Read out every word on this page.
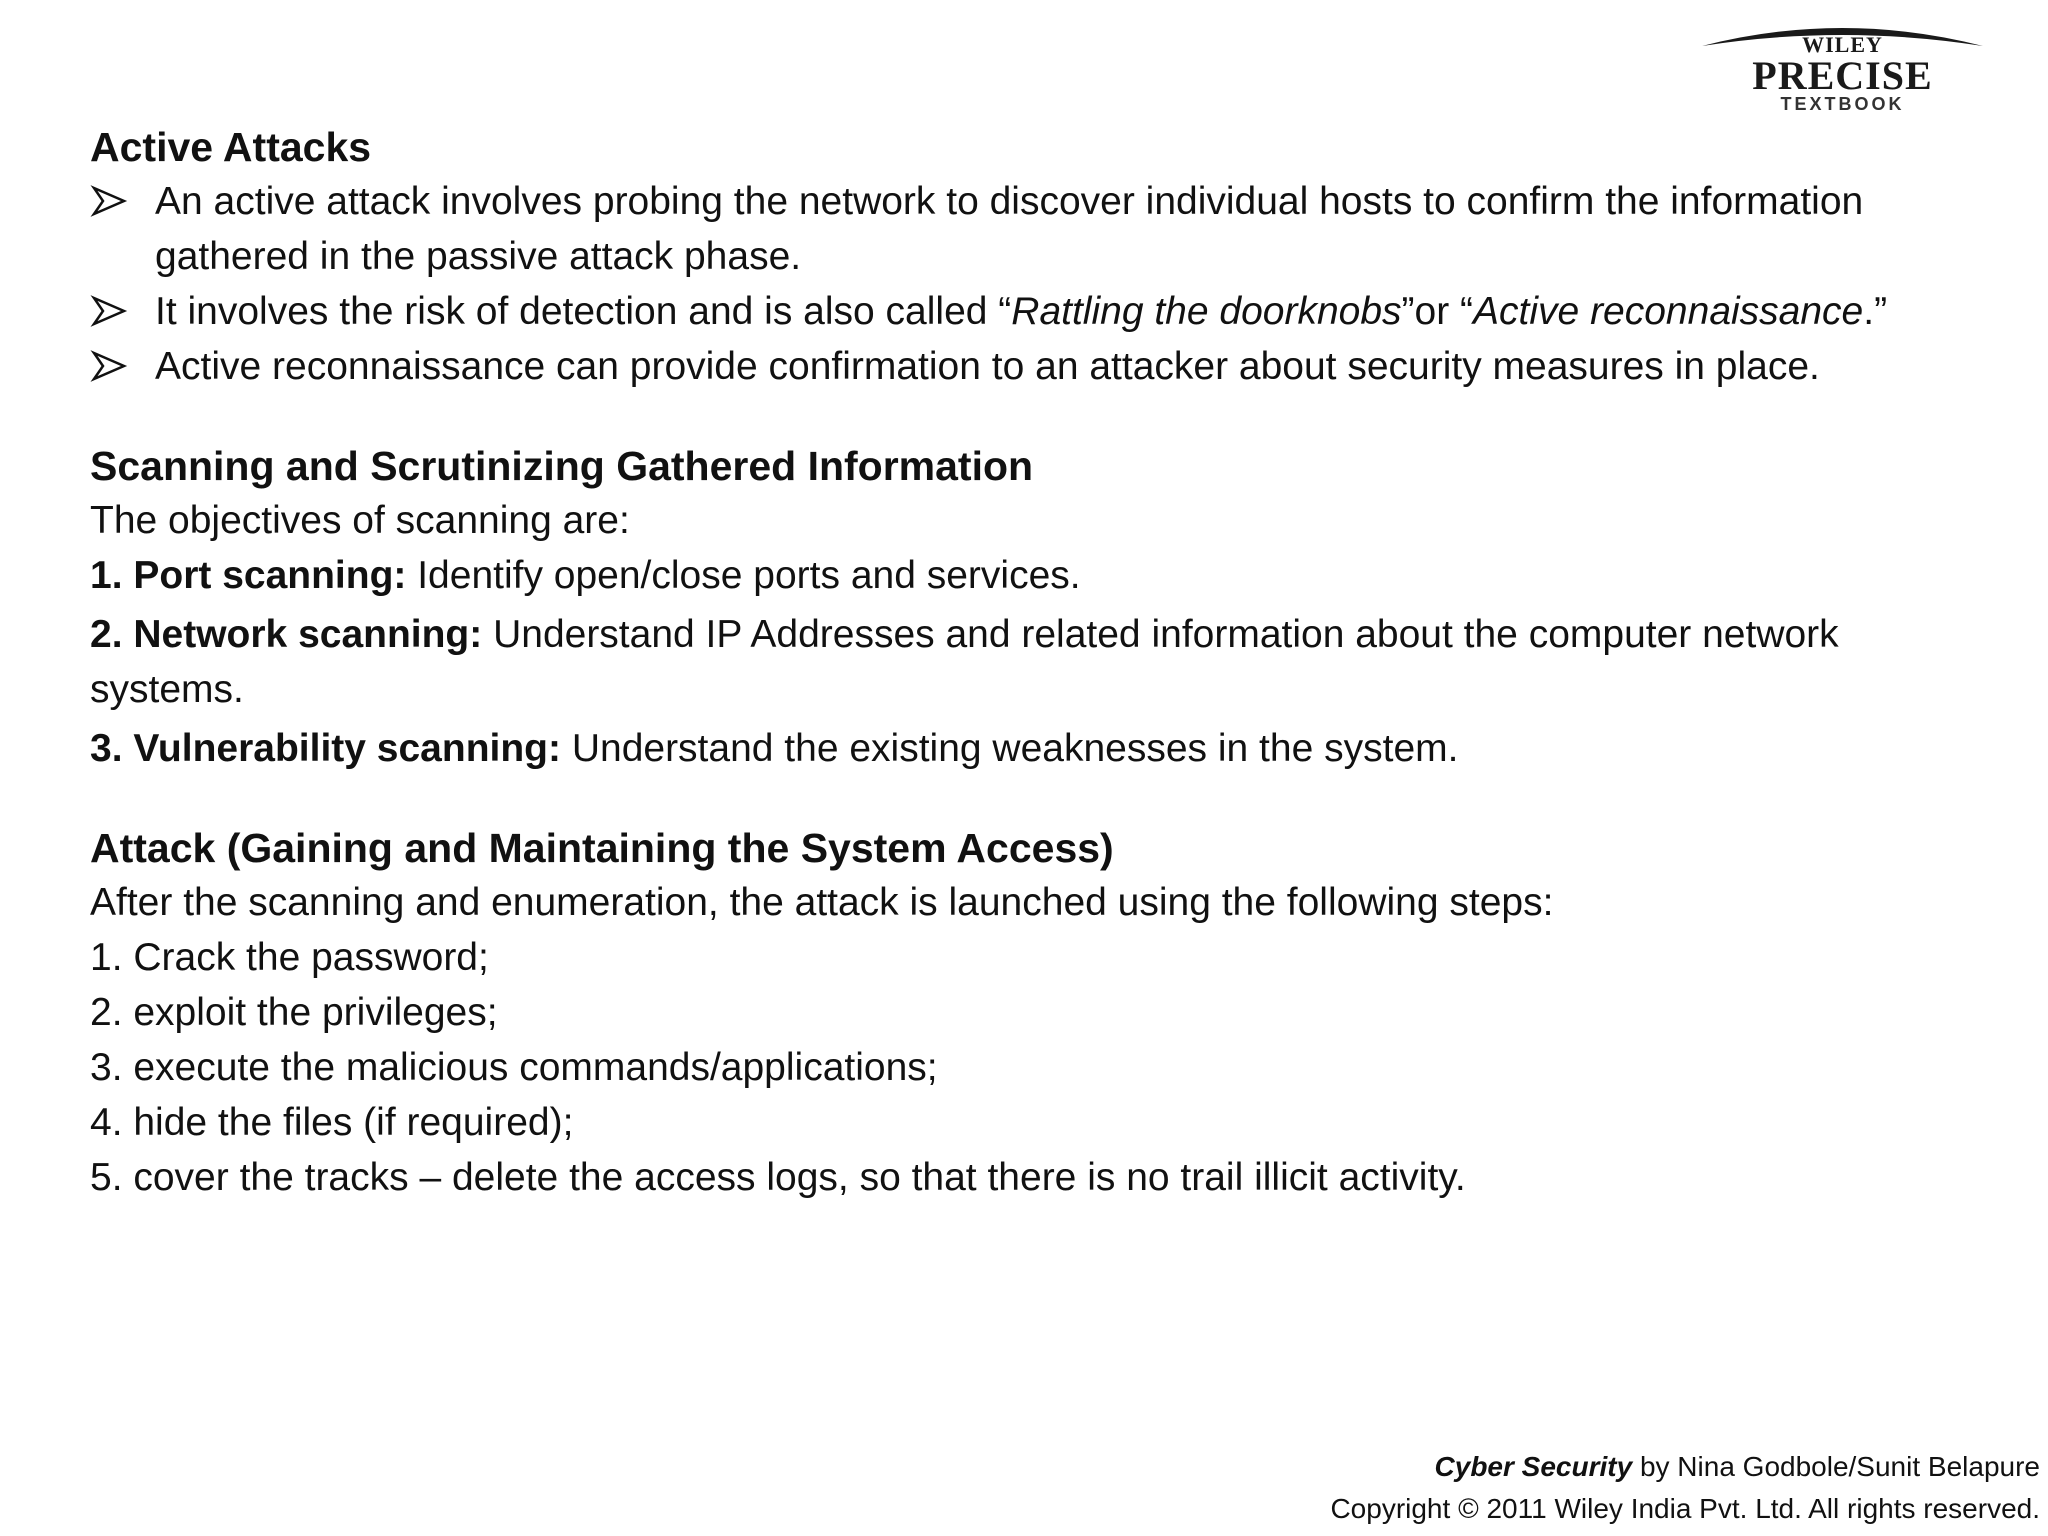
WILEY
PRECISE
TEXTBOOK
Active Attacks
An active attack involves probing the network to discover individual hosts to confirm the information gathered in the passive attack phase.
It involves the risk of detection and is also called “Rattling the doorknobs”or “Active reconnaissance.”
Active reconnaissance can provide confirmation to an attacker about security measures in place.
Scanning and Scrutinizing Gathered Information

The objectives of scanning are:

1. Port scanning: Identify open/close ports and services.
2. Network scanning: Understand IP Addresses and related information about the computer network systems.
3. Vulnerability scanning: Understand the existing weaknesses in the system.
Attack (Gaining and Maintaining the System Access)

After the scanning and enumeration, the attack is launched using the following steps:

1. Crack the password;
2. exploit the privileges;
3. execute the malicious commands/applications;
4. hide the files (if required);
5. cover the tracks – delete the access logs, so that there is no trail illicit activity.
Cyber Security by Nina Godbole/Sunit Belapure
Copyright © 2011 Wiley India Pvt. Ltd. All rights reserved.
